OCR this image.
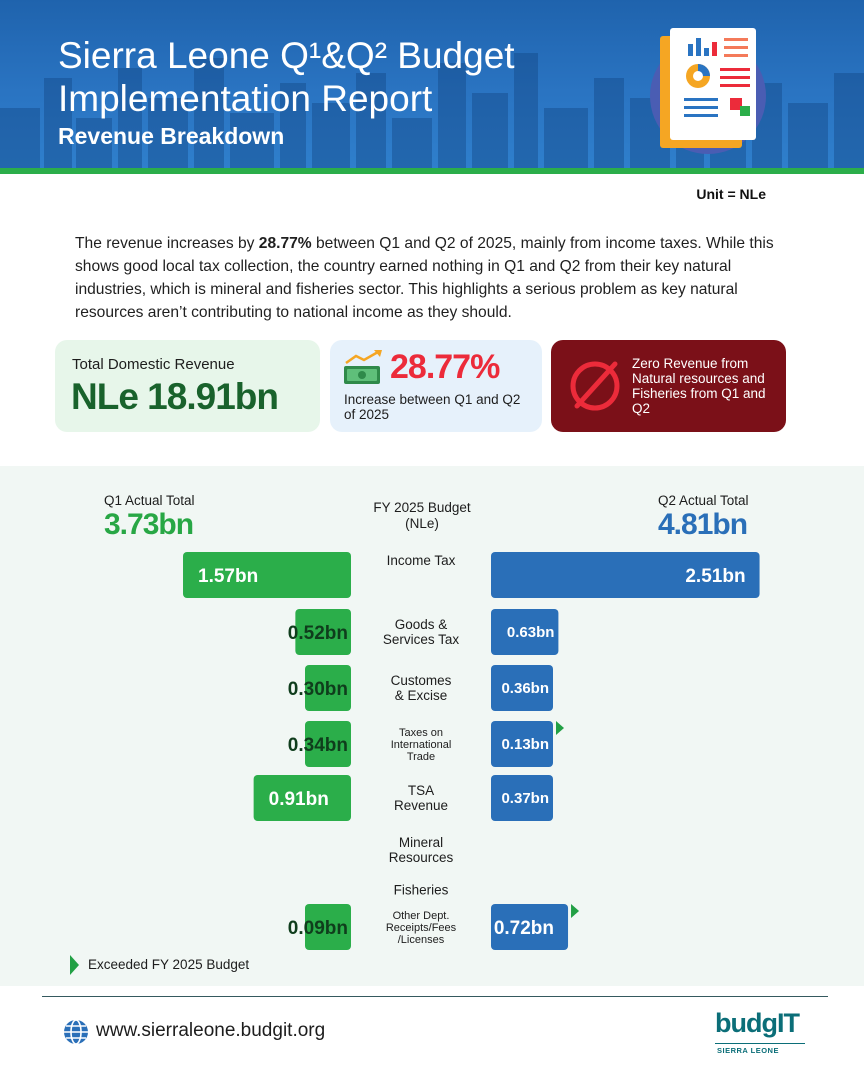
Sierra Leone Q¹&Q² Budget Implementation Report
Revenue Breakdown
Unit = NLe

The revenue increases by 28.77% between Q1 and Q2 of 2025, mainly from income taxes. While this shows good local tax collection, the country earned nothing in Q1 and Q2 from their key natural industries, which is mineral and fisheries sector. This highlights a serious problem as key natural resources aren’t contributing to national income as they should.

Total Domestic Revenue
NLe 18.91bn
28.77%
Increase between Q1 and Q2 of 2025
Zero Revenue from Natural resources and Fisheries from Q1 and Q2
Q1 Actual Total
3.73bn
Q2 Actual Total
4.81bn
FY 2025 Budget (NLe)
Income Tax
1.57bn	2.51bn
Goods &
Services Tax
0.52bn	0.63bn
Customes
& Excise
0.30bn	0.36bn
Taxes on
International
Trade
0.34bn	0.13bn
TSA
Revenue
0.91bn	0.37bn
Mineral
Resources
Fisheries
Other Dept.
Receipts/Fees
/Licenses
0.09bn	0.72bn
Exceeded FY 2025 Budget
www.sierraleone.budgit.org	budgIT
SIERRA LEONE
